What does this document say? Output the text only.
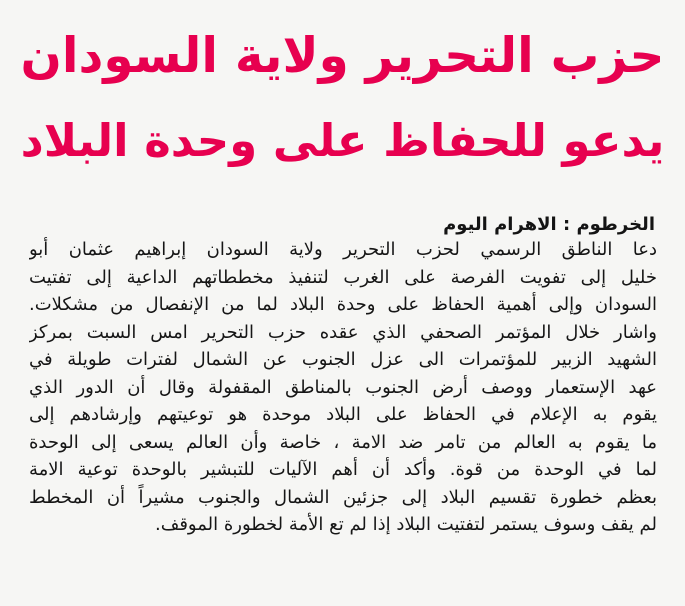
حزب التحرير ولاية السودان
يدعو للحفاظ على وحدة البلاد

الخرطوم : الاهرام اليوم

دعا الناطق الرسمي لحزب التحرير ولاية السودان إبراهيم عثمان أبو
خليل إلى تفويت الفرصة على الغرب لتنفيذ مخططاتهم الداعية إلى تفتيت
السودان وإلى أهمية الحفاظ على وحدة البلاد لما من الإنفصال من مشكلات.
واشار خلال المؤتمر الصحفي الذي عقده حزب التحرير امس السبت بمركز
الشهيد الزبير للمؤتمرات الى عزل الجنوب عن الشمال لفترات طويلة في
عهد الإستعمار ووصف أرض الجنوب بالمناطق المقفولة وقال أن الدور الذي
يقوم به الإعلام في الحفاظ على البلاد موحدة هو توعيتهم وإرشادهم إلى
ما يقوم به العالم من تامر ضد الامة ، خاصة وأن العالم يسعى إلى الوحدة
لما في الوحدة من قوة. وأكد أن أهم الآليات للتبشير بالوحدة توعية الامة
بعظم خطورة تقسيم البلاد إلى جزئين الشمال والجنوب مشيراً أن المخطط
لم يقف وسوف يستمر لتفتيت البلاد إذا لم تع الأمة لخطورة الموقف.
